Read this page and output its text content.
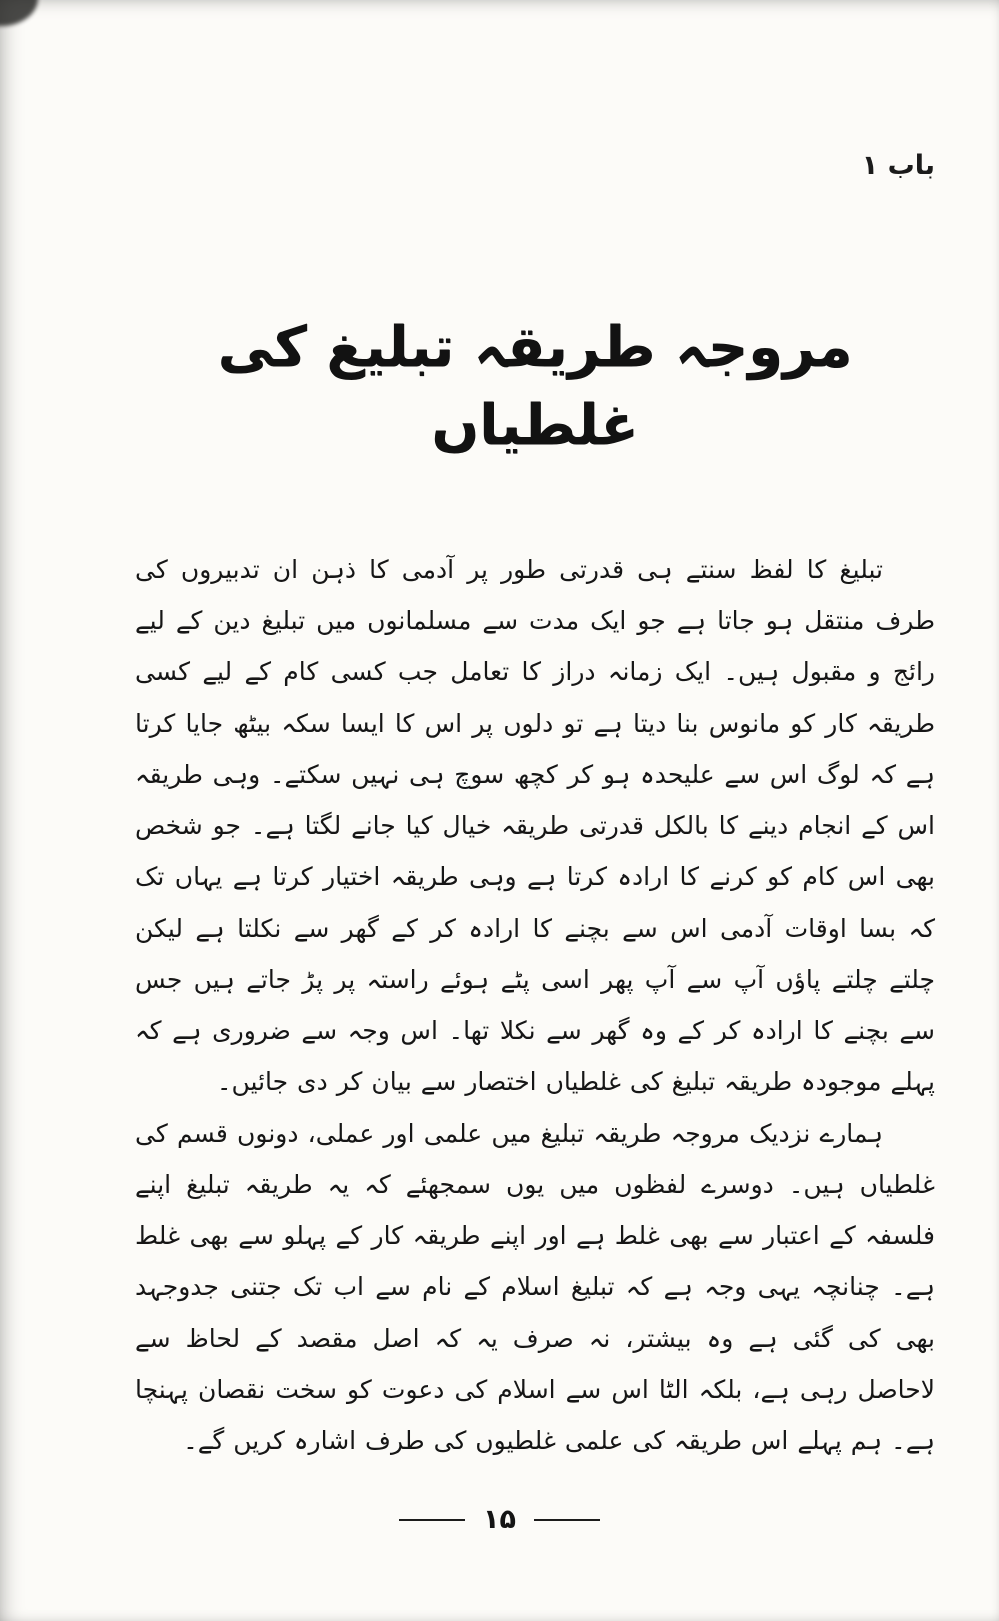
باب ۱
مروجہ طریقہ تبلیغ کی غلطیاں

تبلیغ کا لفظ سنتے ہی قدرتی طور پر آدمی کا ذہن ان تدبیروں کی طرف منتقل ہو جاتا ہے جو ایک مدت سے مسلمانوں میں تبلیغ دین کے لیے رائج و مقبول ہیں۔ ایک زمانہ دراز کا تعامل جب کسی کام کے لیے کسی طریقہ کار کو مانوس بنا دیتا ہے تو دلوں پر اس کا ایسا سکہ بیٹھ جایا کرتا ہے کہ لوگ اس سے علیحدہ ہو کر کچھ سوچ ہی نہیں سکتے۔ وہی طریقہ اس کے انجام دینے کا بالکل قدرتی طریقہ خیال کیا جانے لگتا ہے۔ جو شخص بھی اس کام کو کرنے کا ارادہ کرتا ہے وہی طریقہ اختیار کرتا ہے یہاں تک کہ بسا اوقات آدمی اس سے بچنے کا ارادہ کر کے گھر سے نکلتا ہے لیکن چلتے چلتے پاؤں آپ سے آپ پھر اسی پٹے ہوئے راستہ پر پڑ جاتے ہیں جس سے بچنے کا ارادہ کر کے وہ گھر سے نکلا تھا۔ اس وجہ سے ضروری ہے کہ پہلے موجودہ طریقہ تبلیغ کی غلطیاں اختصار سے بیان کر دی جائیں۔

ہمارے نزدیک مروجہ طریقہ تبلیغ میں علمی اور عملی، دونوں قسم کی غلطیاں ہیں۔ دوسرے لفظوں میں یوں سمجھئے کہ یہ طریقہ تبلیغ اپنے فلسفہ کے اعتبار سے بھی غلط ہے اور اپنے طریقہ کار کے پہلو سے بھی غلط ہے۔ چنانچہ یہی وجہ ہے کہ تبلیغ اسلام کے نام سے اب تک جتنی جدوجہد بھی کی گئی ہے وہ بیشتر، نہ صرف یہ کہ اصل مقصد کے لحاظ سے لاحاصل رہی ہے، بلکہ الٹا اس سے اسلام کی دعوت کو سخت نقصان پہنچا ہے۔ ہم پہلے اس طریقہ کی علمی غلطیوں کی طرف اشارہ کریں گے۔

۱۵
